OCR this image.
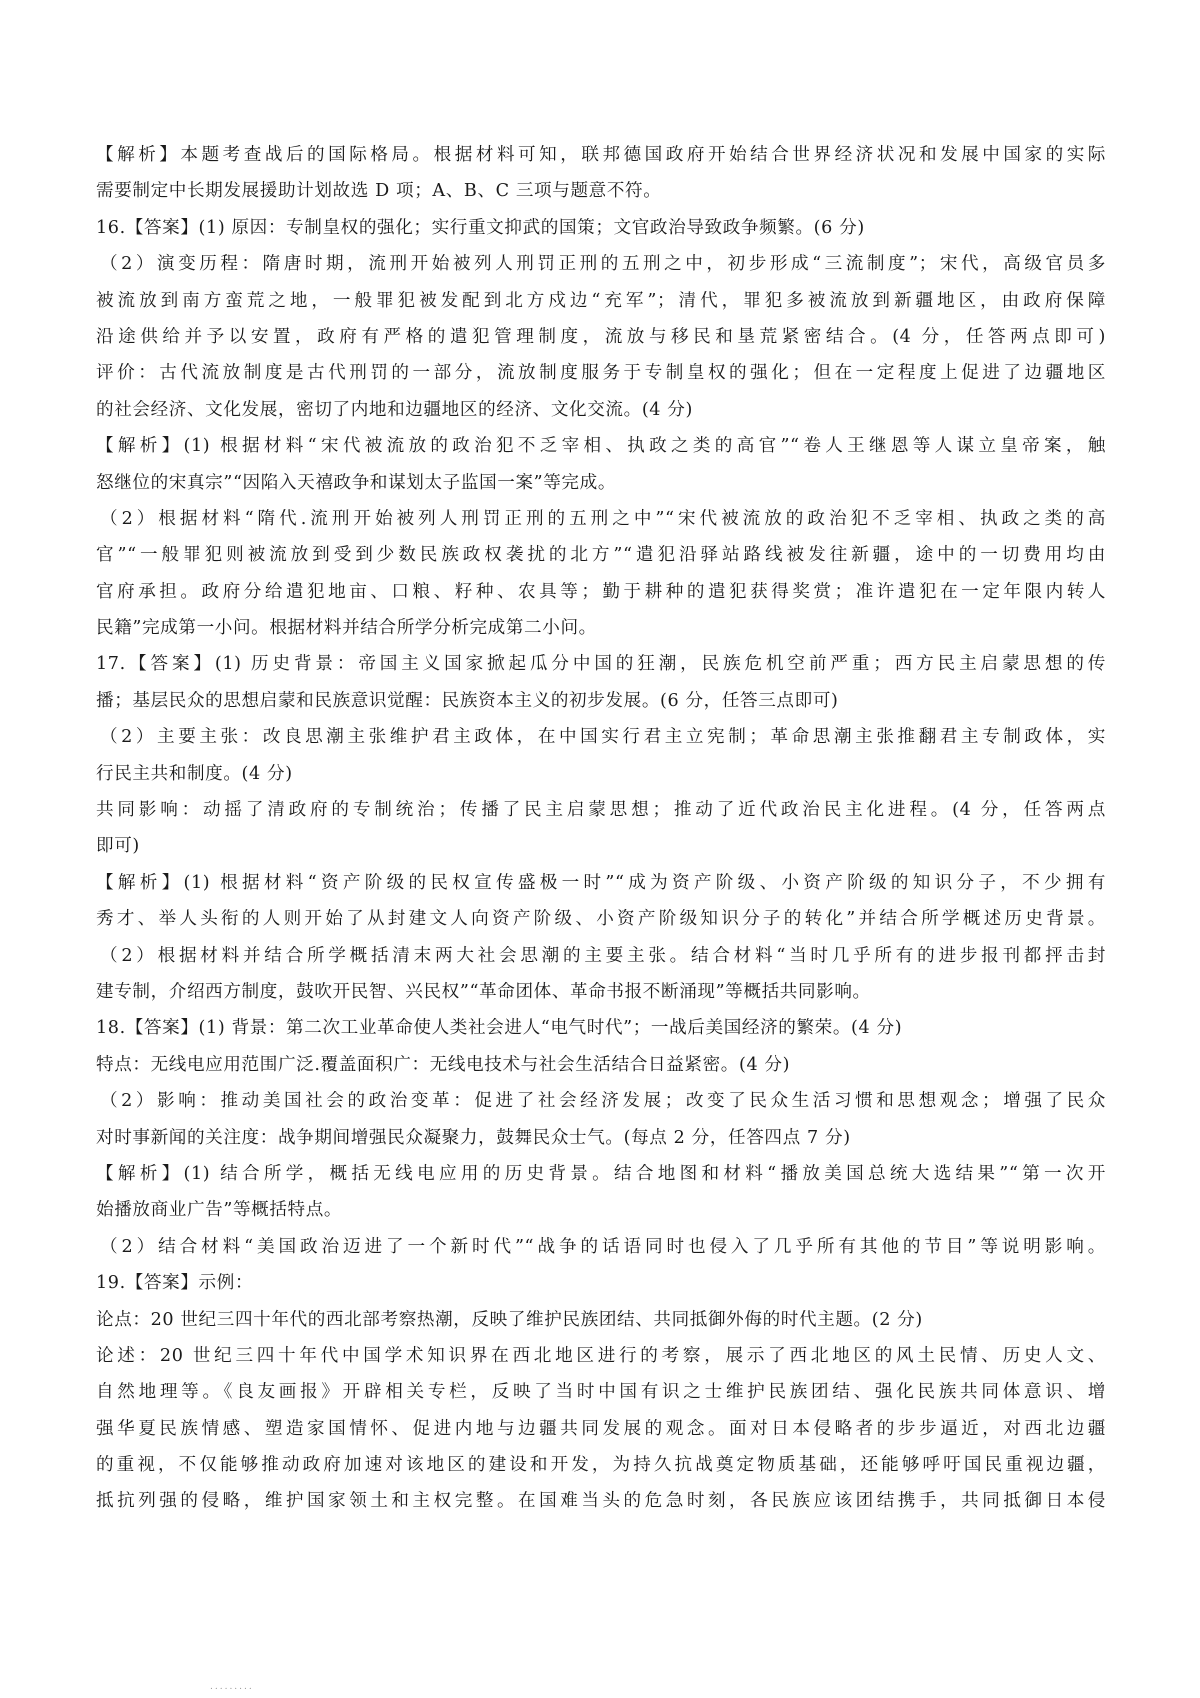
【解析】本题考查战后的国际格局。根据材料可知，联邦德国政府开始结合世界经济状况和发展中国家的实际
需要制定中长期发展援助计划故选 D 项；A、B、C 三项与题意不符。
16.【答案】(1) 原因：专制皇权的强化；实行重文抑武的国策；文官政治导致政争频繁。(6 分)
（2）演变历程：隋唐时期，流刑开始被列人刑罚正刑的五刑之中，初步形成“三流制度”；宋代，高级官员多
被流放到南方蛮荒之地，一般罪犯被发配到北方戍边“充军”；清代，罪犯多被流放到新疆地区，由政府保障
沿途供给并予以安置，政府有严格的遣犯管理制度，流放与移民和垦荒紧密结合。(4 分，任答两点即可)
评价：古代流放制度是古代刑罚的一部分，流放制度服务于专制皇权的强化；但在一定程度上促进了边疆地区
的社会经济、文化发展，密切了内地和边疆地区的经济、文化交流。(4 分)
【解析】(1) 根据材料“宋代被流放的政治犯不乏宰相、执政之类的高官”“卷人王继恩等人谋立皇帝案，触
怒继位的宋真宗”“因陷入天禧政争和谋划太子监国一案”等完成。
（2）根据材料“隋代.流刑开始被列人刑罚正刑的五刑之中”“宋代被流放的政治犯不乏宰相、执政之类的高
官”“一般罪犯则被流放到受到少数民族政权袭扰的北方”“遣犯沿驿站路线被发往新疆，途中的一切费用均由
官府承担。政府分给遣犯地亩、口粮、籽种、农具等；勤于耕种的遣犯获得奖赏；准许遣犯在一定年限内转人
民籍”完成第一小问。根据材料并结合所学分析完成第二小问。
17.【答案】(1) 历史背景：帝国主义国家掀起瓜分中国的狂潮，民族危机空前严重；西方民主启蒙思想的传
播；基层民众的思想启蒙和民族意识觉醒：民族资本主义的初步发展。(6 分，任答三点即可)
（2）主要主张：改良思潮主张维护君主政体，在中国实行君主立宪制；革命思潮主张推翻君主专制政体，实
行民主共和制度。(4 分)
共同影响：动摇了清政府的专制统治；传播了民主启蒙思想；推动了近代政治民主化进程。(4 分，任答两点
即可)
【解析】(1) 根据材料“资产阶级的民权宣传盛极一时”“成为资产阶级、小资产阶级的知识分子，不少拥有
秀才、举人头衔的人则开始了从封建文人向资产阶级、小资产阶级知识分子的转化”并结合所学概述历史背景。
（2）根据材料并结合所学概括清末两大社会思潮的主要主张。结合材料“当时几乎所有的进步报刊都抨击封
建专制，介绍西方制度，鼓吹开民智、兴民权”“革命团体、革命书报不断涌现”等概括共同影响。
18.【答案】(1) 背景：第二次工业革命使人类社会进人“电气时代”；一战后美国经济的繁荣。(4 分)
特点：无线电应用范围广泛.覆盖面积广：无线电技术与社会生活结合日益紧密。(4 分)
（2）影响：推动美国社会的政治变革：促进了社会经济发展；改变了民众生活习惯和思想观念；增强了民众
对时事新闻的关注度：战争期间增强民众凝聚力，鼓舞民众士气。(每点 2 分，任答四点 7 分)
【解析】(1) 结合所学，概括无线电应用的历史背景。结合地图和材料“播放美国总统大选结果”“第一次开
始播放商业广告”等概括特点。
（2）结合材料“美国政治迈进了一个新时代”“战争的话语同时也侵入了几乎所有其他的节目”等说明影响。
19.【答案】示例：
论点：20 世纪三四十年代的西北部考察热潮，反映了维护民族团结、共同抵御外侮的时代主题。(2 分)
论述：20 世纪三四十年代中国学术知识界在西北地区进行的考察，展示了西北地区的风土民情、历史人文、
自然地理等。《良友画报》开辟相关专栏，反映了当时中国有识之士维护民族团结、强化民族共同体意识、增
强华夏民族情感、塑造家国情怀、促进内地与边疆共同发展的观念。面对日本侵略者的步步逼近，对西北边疆
的重视，不仅能够推动政府加速对该地区的建设和开发，为持久抗战奠定物质基础，还能够呼吁国民重视边疆，
抵抗列强的侵略，维护国家领土和主权完整。在国难当头的危急时刻，各民族应该团结携手，共同抵御日本侵
.........
